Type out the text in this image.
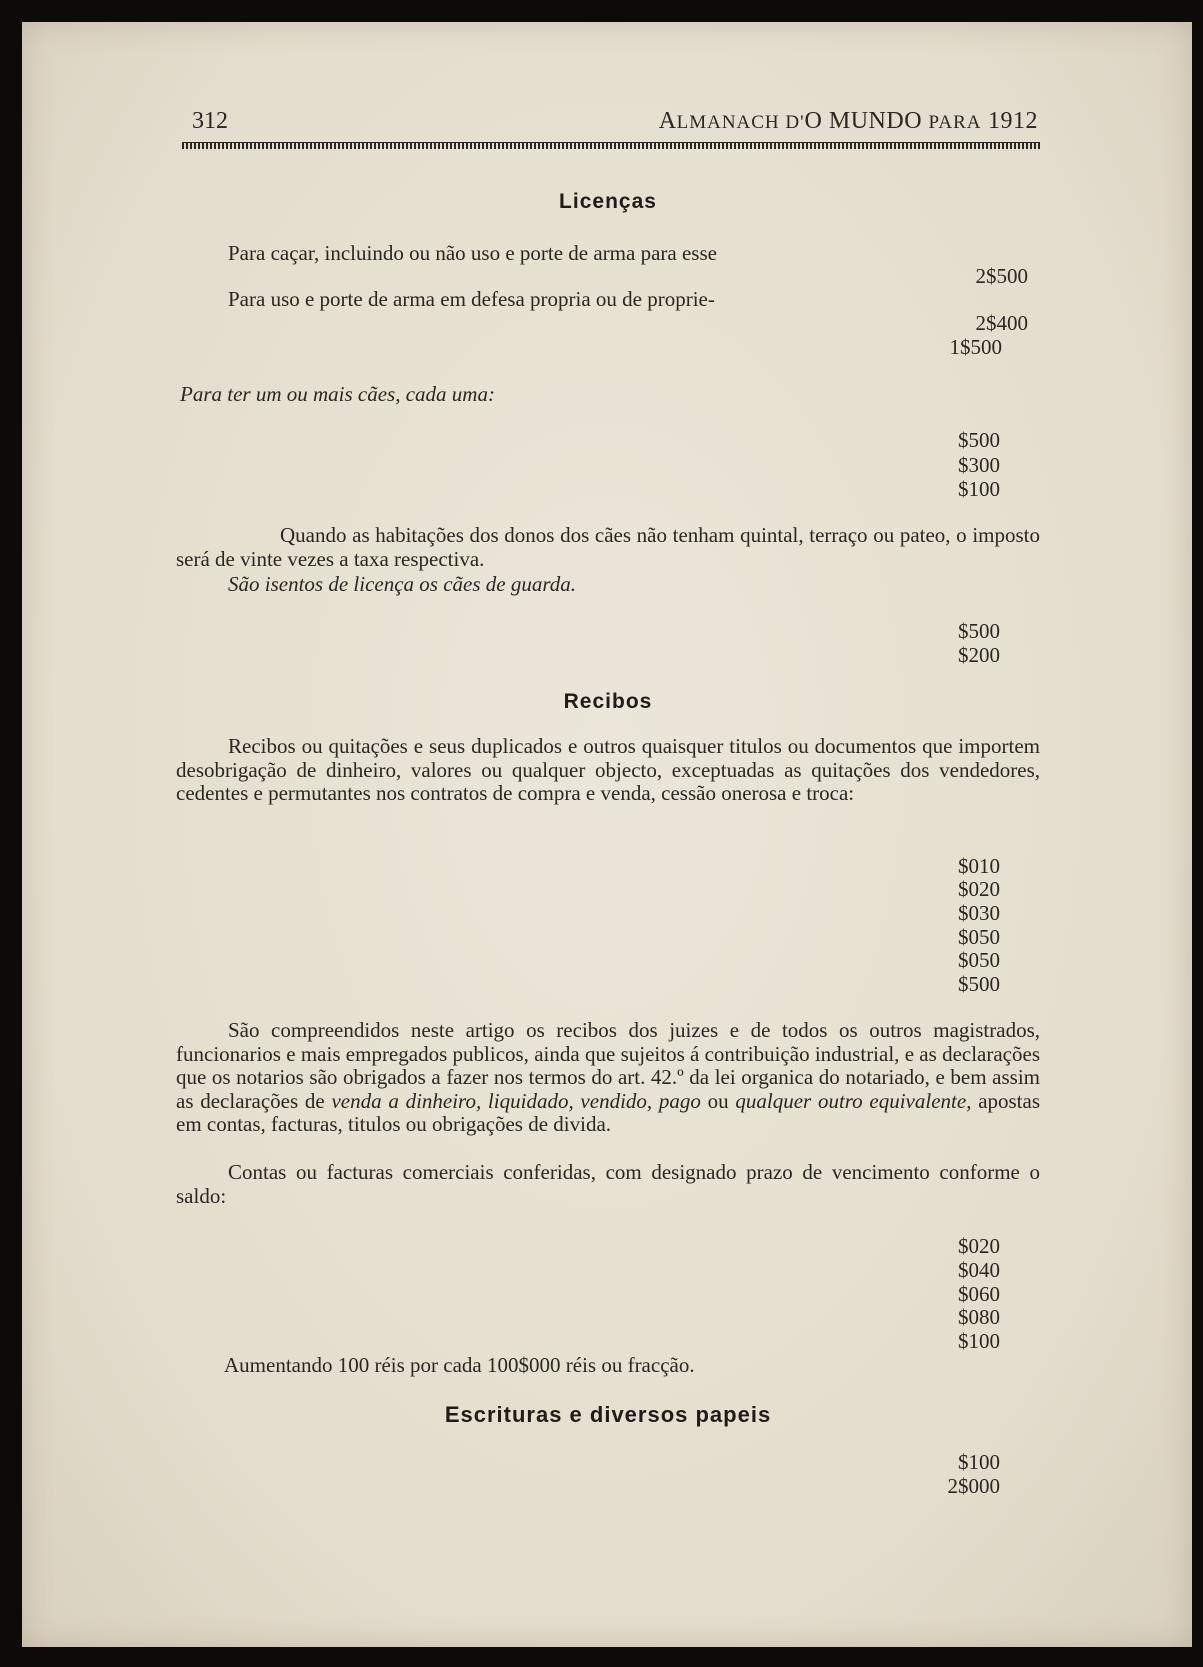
312	ALMANACH D'O MUNDO PARA 1912
Licenças
Para caçar, incluindo ou não uso e porte de arma para esse
2$500
Para uso e porte de arma em defesa propria ou de proprie-
2$400
1$500
Para ter um ou mais cães, cada uma:
$500
$300
$100
Quando as habitações dos donos dos cães não tenham quintal, terraço ou pateo, o imposto será de vinte vezes a taxa respectiva.
São isentos de licença os cães de guarda.
$500
$200
Recibos
Recibos ou quitações e seus duplicados e outros quaisquer titulos ou documentos que importem desobrigação de dinheiro, valores ou qualquer objecto, exceptuadas as quitações dos vendedores, cedentes e permutantes nos contratos de compra e venda, cessão onerosa e troca:
$010
$020
$030
$050
$050
$500
São compreendidos neste artigo os recibos dos juizes e de todos os outros magistrados, funcionarios e mais empregados publicos, ainda que sujeitos á contribuição industrial, e as declarações que os notarios são obrigados a fazer nos termos do art. 42.º da lei organica do notariado, e bem assim as declarações de venda a dinheiro, liquidado, vendido, pago ou qualquer outro equivalente, apostas em contas, facturas, titulos ou obrigações de divida.
Contas ou facturas comerciais conferidas, com designado prazo de vencimento conforme o saldo:
$020
$040
$060
$080
$100
Aumentando 100 réis por cada 100$000 réis ou fracção.
Escrituras e diversos papeis
$100
2$000
